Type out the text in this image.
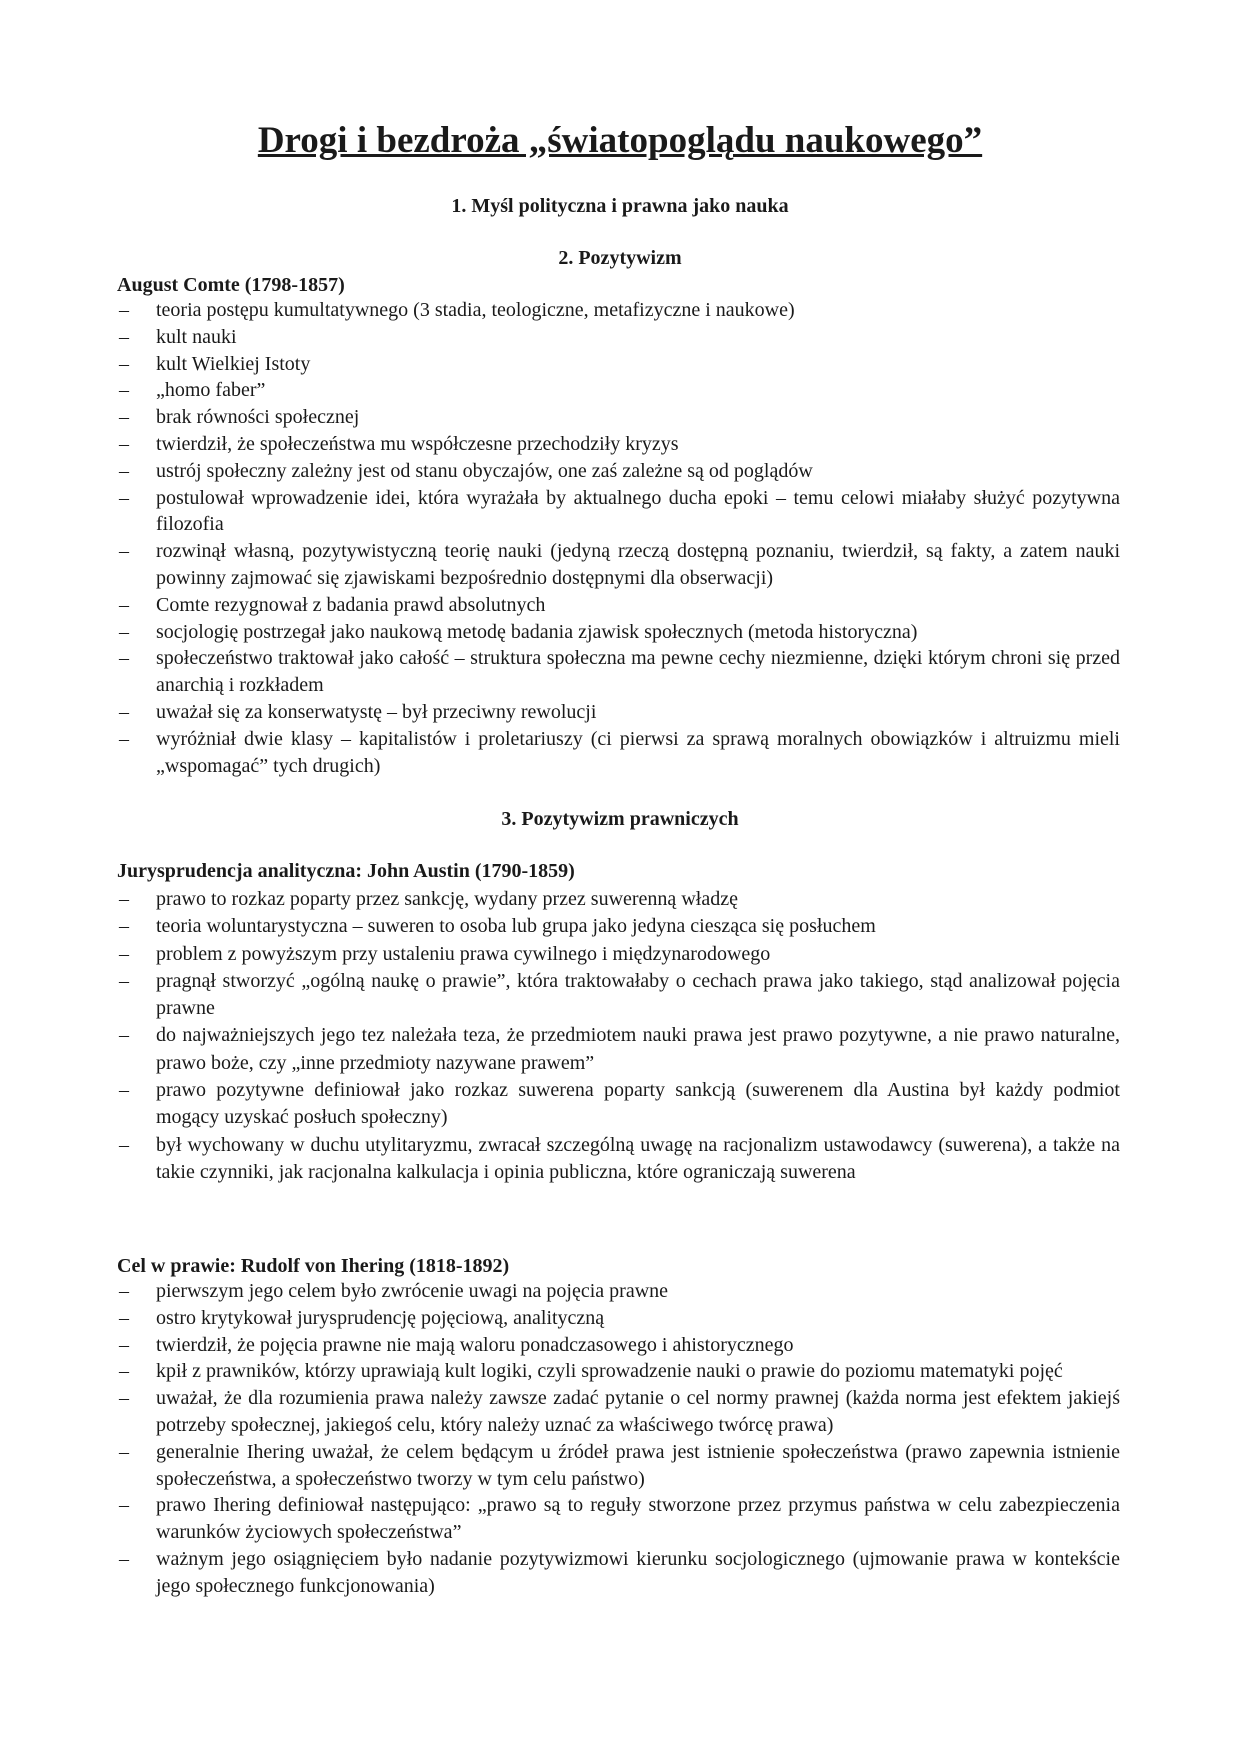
Drogi i bezdroża „światopoglądu naukowego”

1. Myśl polityczna i prawna jako nauka

2. Pozytywizm

August Comte (1798-1857)

– teoria postępu kumultatywnego (3 stadia, teologiczne, metafizyczne i naukowe)
– kult nauki
– kult Wielkiej Istoty
– „homo faber”
– brak równości społecznej
– twierdził, że społeczeństwa mu współczesne przechodziły kryzys
– ustrój społeczny zależny jest od stanu obyczajów, one zaś zależne są od poglądów
– postulował wprowadzenie idei, która wyrażała by aktualnego ducha epoki – temu celowi miałaby służyć pozytywna filozofia
– rozwinął własną, pozytywistyczną teorię nauki (jedyną rzeczą dostępną poznaniu, twierdził, są fakty, a zatem nauki powinny zajmować się zjawiskami bezpośrednio dostępnymi dla obserwacji)
– Comte rezygnował z badania prawd absolutnych
– socjologię postrzegał jako naukową metodę badania zjawisk społecznych (metoda historyczna)
– społeczeństwo traktował jako całość – struktura społeczna ma pewne cechy niezmienne, dzięki którym chroni się przed anarchią i rozkładem
– uważał się za konserwatystę – był przeciwny rewolucji
– wyróżniał dwie klasy – kapitalistów i proletariuszy (ci pierwsi za sprawą moralnych obowiązków i altruizmu mieli „wspomagać” tych drugich)

3. Pozytywizm prawniczych

Jurysprudencja analityczna: John Austin (1790-1859)

– prawo to rozkaz poparty przez sankcję, wydany przez suwerenną władzę
– teoria woluntarystyczna – suweren to osoba lub grupa jako jedyna ciesząca się posłuchem
– problem z powyższym przy ustaleniu prawa cywilnego i międzynarodowego
– pragnął stworzyć „ogólną naukę o prawie”, która traktowałaby o cechach prawa jako takiego, stąd analizował pojęcia prawne
– do najważniejszych jego tez należała teza, że przedmiotem nauki prawa jest prawo pozytywne, a nie prawo naturalne, prawo boże, czy „inne przedmioty nazywane prawem”
– prawo pozytywne definiował jako rozkaz suwerena poparty sankcją (suwerenem dla Austina był każdy podmiot mogący uzyskać posłuch społeczny)
– był wychowany w duchu utylitaryzmu, zwracał szczególną uwagę na racjonalizm ustawodawcy (suwerena), a także na takie czynniki, jak racjonalna kalkulacja i opinia publiczna, które ograniczają suwerena

Cel w prawie: Rudolf von Ihering (1818-1892)

– pierwszym jego celem było zwrócenie uwagi na pojęcia prawne
– ostro krytykował jurysprudencję pojęciową, analityczną
– twierdził, że pojęcia prawne nie mają waloru ponadczasowego i ahistorycznego
– kpił z prawników, którzy uprawiają kult logiki, czyli sprowadzenie nauki o prawie do poziomu matematyki pojęć
– uważał, że dla rozumienia prawa należy zawsze zadać pytanie o cel normy prawnej (każda norma jest efektem jakiejś potrzeby społecznej, jakiegoś celu, który należy uznać za właściwego twórcę prawa)
– generalnie Ihering uważał, że celem będącym u źródeł prawa jest istnienie społeczeństwa (prawo zapewnia istnienie społeczeństwa, a społeczeństwo tworzy w tym celu państwo)
– prawo Ihering definiował następująco: „prawo są to reguły stworzone przez przymus państwa w celu zabezpieczenia warunków życiowych społeczeństwa”
– ważnym jego osiągnięciem było nadanie pozytywizmowi kierunku socjologicznego (ujmowanie prawa w kontekście jego społecznego funkcjonowania)
